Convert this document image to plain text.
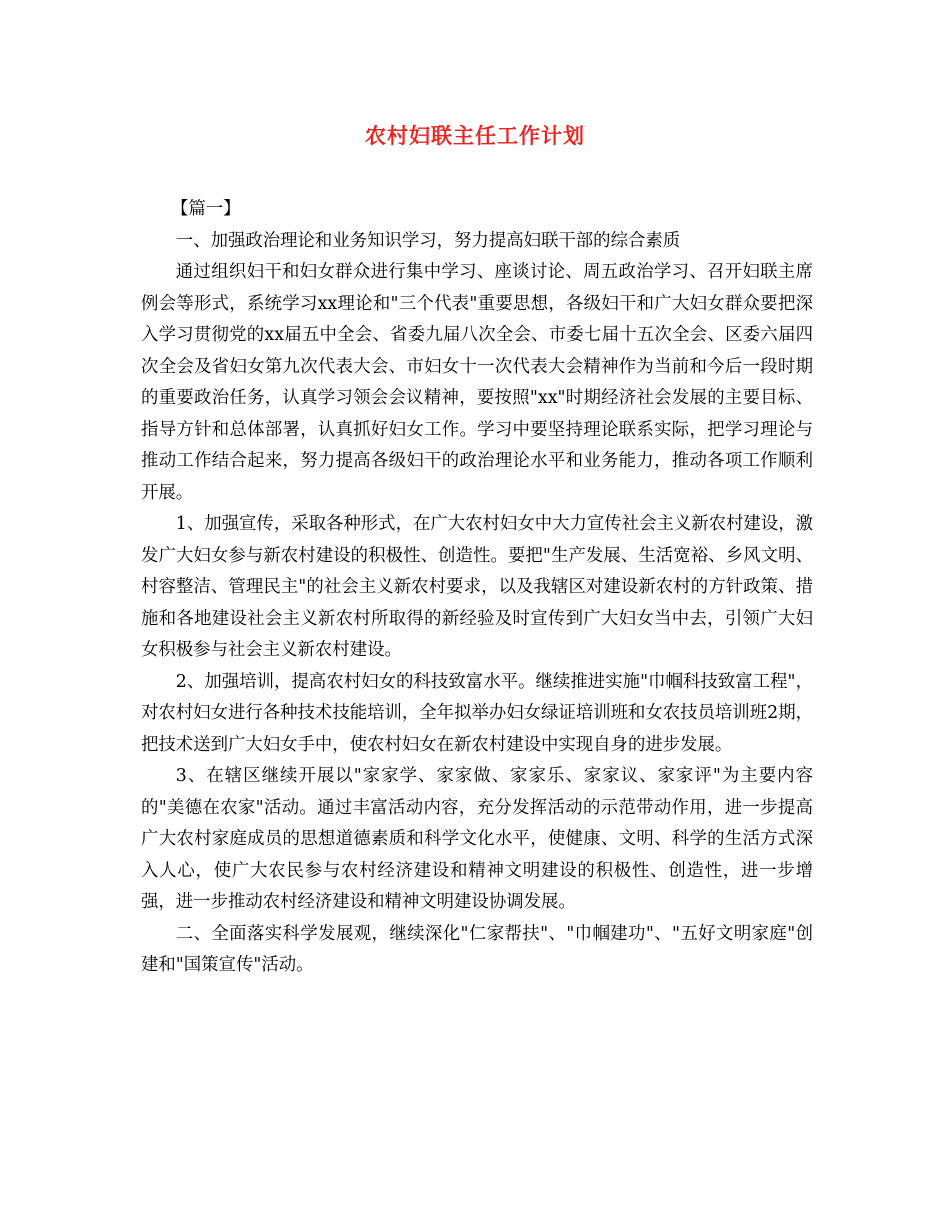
农村妇联主任工作计划

【篇一】

一、加强政治理论和业务知识学习，努力提高妇联干部的综合素质

通过组织妇干和妇女群众进行集中学习、座谈讨论、周五政治学习、召开妇联主席例会等形式，系统学习xx理论和"三个代表"重要思想，各级妇干和广大妇女群众要把深入学习贯彻党的xx届五中全会、省委九届八次全会、市委七届十五次全会、区委六届四次全会及省妇女第九次代表大会、市妇女十一次代表大会精神作为当前和今后一段时期的重要政治任务，认真学习领会会议精神，要按照"xx"时期经济社会发展的主要目标、指导方针和总体部署，认真抓好妇女工作。学习中要坚持理论联系实际，把学习理论与推动工作结合起来，努力提高各级妇干的政治理论水平和业务能力，推动各项工作顺利开展。

1、加强宣传，采取各种形式，在广大农村妇女中大力宣传社会主义新农村建设，激发广大妇女参与新农村建设的积极性、创造性。要把"生产发展、生活宽裕、乡风文明、村容整洁、管理民主"的社会主义新农村要求，以及我辖区对建设新农村的方针政策、措施和各地建设社会主义新农村所取得的新经验及时宣传到广大妇女当中去，引领广大妇女积极参与社会主义新农村建设。

2、加强培训，提高农村妇女的科技致富水平。继续推进实施"巾帼科技致富工程"，对农村妇女进行各种技术技能培训，全年拟举办妇女绿证培训班和女农技员培训班2期，把技术送到广大妇女手中，使农村妇女在新农村建设中实现自身的进步发展。

3、在辖区继续开展以"家家学、家家做、家家乐、家家议、家家评"为主要内容的"美德在农家"活动。通过丰富活动内容，充分发挥活动的示范带动作用，进一步提高广大农村家庭成员的思想道德素质和科学文化水平，使健康、文明、科学的生活方式深入人心，使广大农民参与农村经济建设和精神文明建设的积极性、创造性，进一步增强，进一步推动农村经济建设和精神文明建设协调发展。

二、全面落实科学发展观，继续深化"仁家帮扶"、"巾帼建功"、"五好文明家庭"创建和"国策宣传"活动。
